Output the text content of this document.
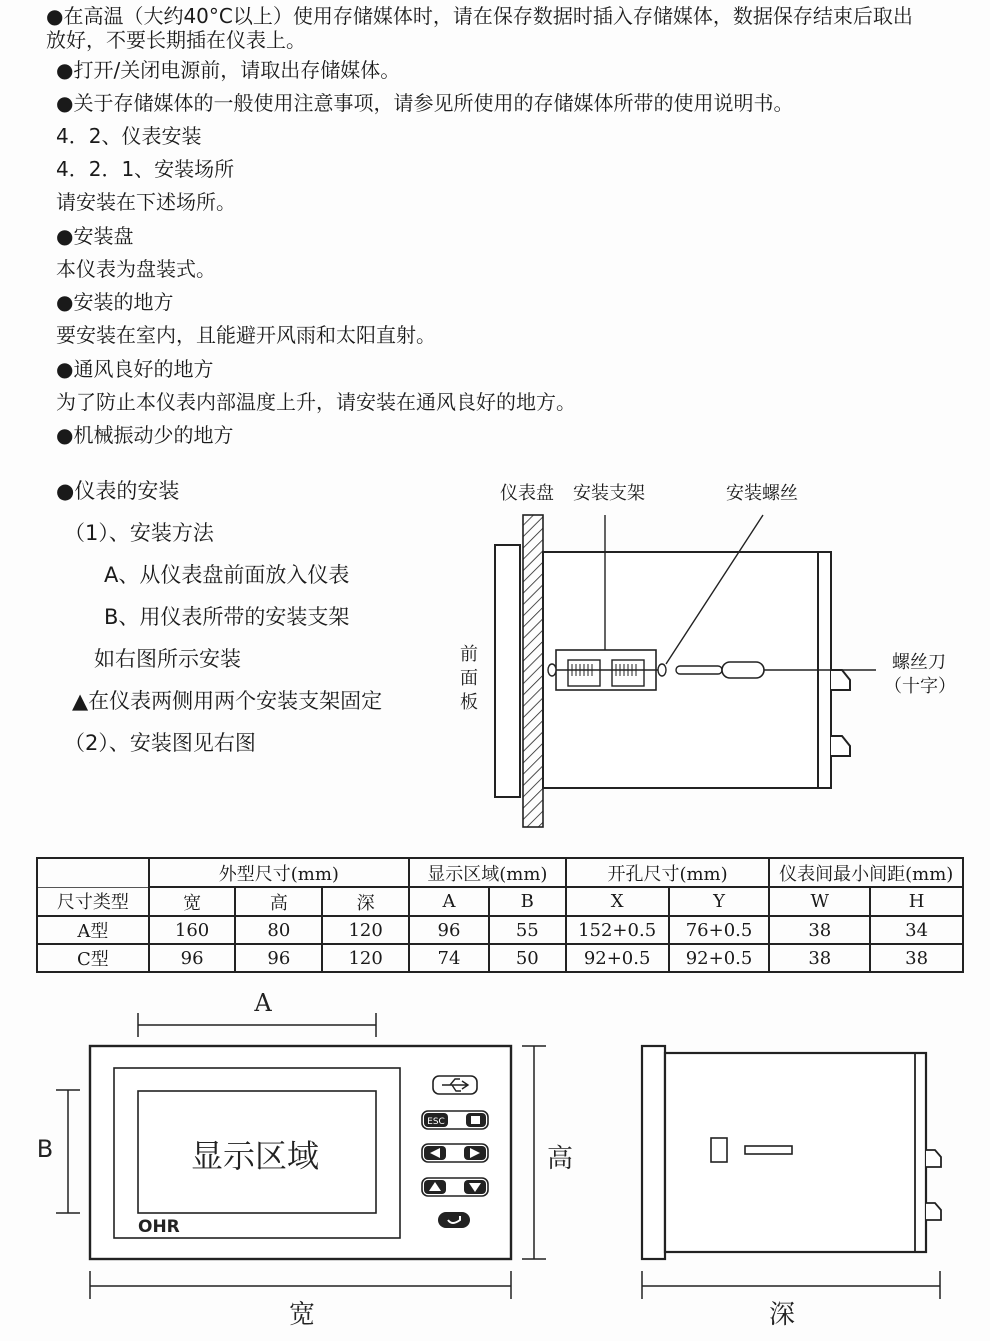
●在高温（大约40°C以上）使用存储媒体时，请在保存数据时插入存储媒体，数据保存结束后取出放好，不要长期插在仪表上。
●打开/关闭电源前，请取出存储媒体。
●关于存储媒体的一般使用注意事项，请参见所使用的存储媒体所带的使用说明书。
4．2、仪表安装
4．2．1、安装场所
请安装在下述场所。
●安装盘
本仪表为盘装式。
●安装的地方
要安装在室内，且能避开风雨和太阳直射。
●通风良好的地方
为了防止本仪表内部温度上升，请安装在通风良好的地方。
●机械振动少的地方
●仪表的安装
（1）、安装方法
A、从仪表盘前面放入仪表
B、用仪表所带的安装支架
如右图所示安装
▲在仪表两侧用两个安装支架固定
（2）、安装图见右图
仪表盘 安装支架	安装螺丝
前
面
板
螺丝刀
（十字）
	外型尺寸(mm)			显示区域(mm)		开孔尺寸(mm)		仪表间最小间距(mm)	
尺寸类型	宽	高	深	A	B	X	Y	W	H
A型	160	80	120	96	55	152+0.5	76+0.5	38	34
C型	96	96	120	74	50	92+0.5	92+0.5	38	38
A
B	显示区域
OHR
ESC
高
宽	深
